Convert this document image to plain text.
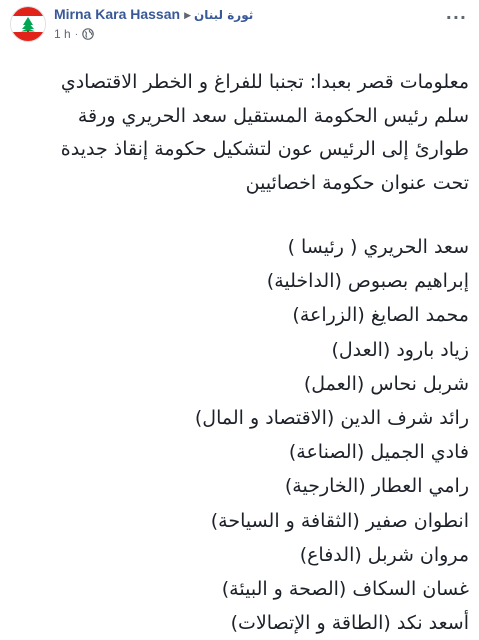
Mirna Kara Hassan ▶ ثورة لبنان
1 h ·
···

معلومات قصر بعبدا: تجنبا للفراغ و الخطر الاقتصادي
سلم رئيس الحكومة المستقيل سعد الحريري ورقة
طوارئ إلى الرئيس عون لتشكيل حكومة إنقاذ جديدة
تحت عنوان حكومة اخصائيين

سعد الحريري ( رئيسا )
إبراهيم بصبوص (الداخلية)
محمد الصايغ (الزراعة)
زياد بارود (العدل)
شربل نحاس (العمل)
رائد شرف الدين (الاقتصاد و المال)
فادي الجميل (الصناعة)
رامي العطار (الخارجية)
انطوان صفير (الثقافة و السياحة)
مروان شربل (الدفاع)
غسان السكاف (الصحة و البيئة)
أسعد نكد (الطاقة و الإتصالات)
